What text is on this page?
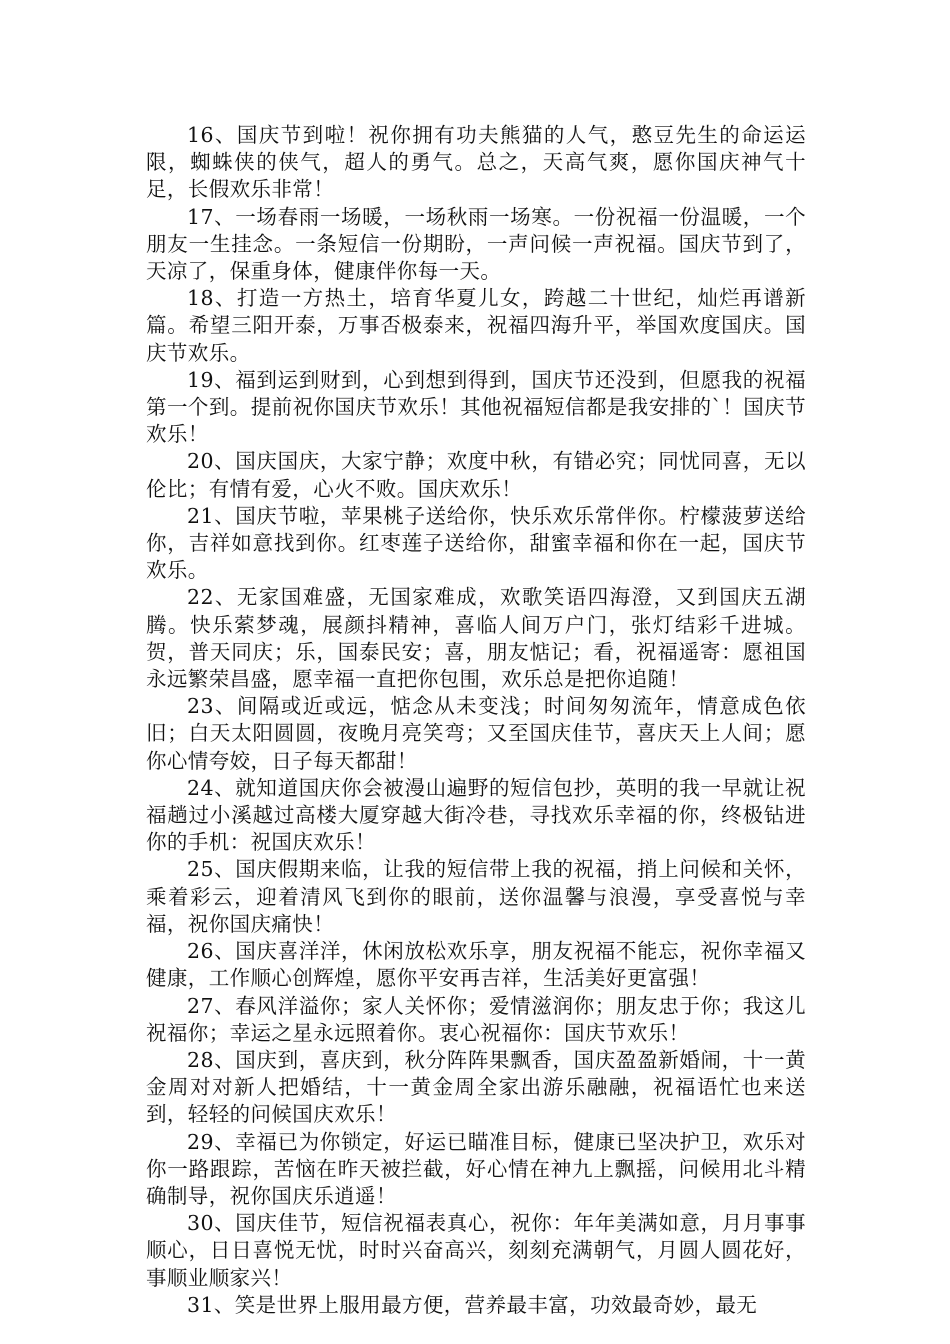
16、国庆节到啦！祝你拥有功夫熊猫的人气，憨豆先生的命运运限，蜘蛛侠的侠气，超人的勇气。总之，天高气爽，愿你国庆神气十足，长假欢乐非常！

17、一场春雨一场暖，一场秋雨一场寒。一份祝福一份温暖，一个朋友一生挂念。一条短信一份期盼，一声问候一声祝福。国庆节到了，天凉了，保重身体，健康伴你每一天。

18、打造一方热土，培育华夏儿女，跨越二十世纪，灿烂再谱新篇。希望三阳开泰，万事否极泰来，祝福四海升平，举国欢度国庆。国庆节欢乐。

19、福到运到财到，心到想到得到，国庆节还没到，但愿我的祝福第一个到。提前祝你国庆节欢乐！其他祝福短信都是我安排的`！国庆节欢乐！

20、国庆国庆，大家宁静；欢度中秋，有错必究；同忧同喜，无以伦比；有情有爱，心火不败。国庆欢乐！

21、国庆节啦，苹果桃子送给你，快乐欢乐常伴你。柠檬菠萝送给你，吉祥如意找到你。红枣莲子送给你，甜蜜幸福和你在一起，国庆节欢乐。

22、无家国难盛，无国家难成，欢歌笑语四海澄，又到国庆五湖腾。快乐萦梦魂，展颜抖精神，喜临人间万户门，张灯结彩千进城。贺，普天同庆；乐，国泰民安；喜，朋友惦记；看，祝福遥寄：愿祖国永远繁荣昌盛，愿幸福一直把你包围，欢乐总是把你追随！

23、间隔或近或远，惦念从未变浅；时间匆匆流年，情意成色依旧；白天太阳圆圆，夜晚月亮笑弯；又至国庆佳节，喜庆天上人间；愿你心情夸姣，日子每天都甜！

24、就知道国庆你会被漫山遍野的短信包抄，英明的我一早就让祝福趟过小溪越过高楼大厦穿越大街冷巷，寻找欢乐幸福的你，终极钻进你的手机：祝国庆欢乐！

25、国庆假期来临，让我的短信带上我的祝福，捎上问候和关怀，乘着彩云，迎着清风飞到你的眼前，送你温馨与浪漫，享受喜悦与幸福，祝你国庆痛快！

26、国庆喜洋洋，休闲放松欢乐享，朋友祝福不能忘，祝你幸福又健康，工作顺心创辉煌，愿你平安再吉祥，生活美好更富强！

27、春风洋溢你；家人关怀你；爱情滋润你；朋友忠于你；我这儿祝福你；幸运之星永远照着你。衷心祝福你：国庆节欢乐！

28、国庆到，喜庆到，秋分阵阵果飘香，国庆盈盈新婚闹，十一黄金周对对新人把婚结，十一黄金周全家出游乐融融，祝福语忙也来送到，轻轻的问候国庆欢乐！

29、幸福已为你锁定，好运已瞄准目标，健康已坚决护卫，欢乐对你一路跟踪，苦恼在昨天被拦截，好心情在神九上飘摇，问候用北斗精确制导，祝你国庆乐逍遥！

30、国庆佳节，短信祝福表真心，祝你：年年美满如意，月月事事顺心，日日喜悦无忧，时时兴奋高兴，刻刻充满朝气，月圆人圆花好，事顺业顺家兴！

31、笑是世界上服用最方便，营养最丰富，功效最奇妙，最无
